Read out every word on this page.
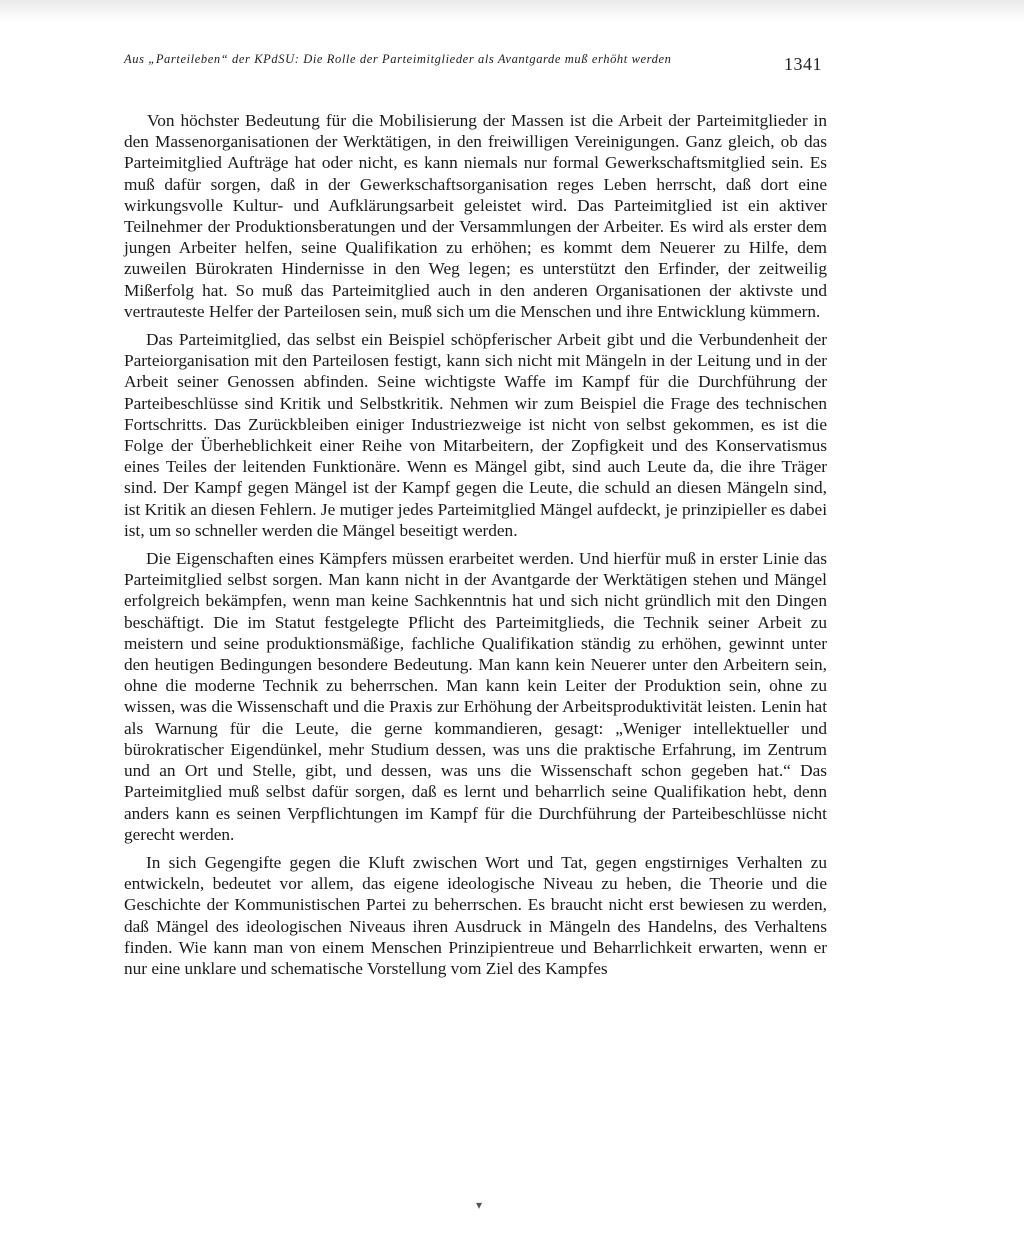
Aus „Parteileben“ der KPdSU: Die Rolle der Parteimitglieder als Avantgarde muß erhöht werden	1341

Von höchster Bedeutung für die Mobilisierung der Massen ist die Arbeit der Parteimitglieder in den Massenorganisationen der Werktätigen, in den freiwilligen Vereinigungen. Ganz gleich, ob das Parteimitglied Aufträge hat oder nicht, es kann niemals nur formal Gewerkschaftsmitglied sein. Es muß dafür sorgen, daß in der Gewerkschaftsorganisation reges Leben herrscht, daß dort eine wirkungsvolle Kultur- und Aufklärungsarbeit geleistet wird. Das Parteimitglied ist ein aktiver Teilnehmer der Produktionsberatungen und der Versammlungen der Arbeiter. Es wird als erster dem jungen Arbeiter helfen, seine Qualifikation zu erhöhen; es kommt dem Neuerer zu Hilfe, dem zuweilen Bürokraten Hindernisse in den Weg legen; es unterstützt den Erfinder, der zeitweilig Mißerfolg hat. So muß das Parteimitglied auch in den anderen Organisationen der aktivste und vertrauteste Helfer der Parteilosen sein, muß sich um die Menschen und ihre Entwicklung kümmern.

Das Parteimitglied, das selbst ein Beispiel schöpferischer Arbeit gibt und die Verbundenheit der Parteiorganisation mit den Parteilosen festigt, kann sich nicht mit Mängeln in der Leitung und in der Arbeit seiner Genossen abfinden. Seine wichtigste Waffe im Kampf für die Durchführung der Parteibeschlüsse sind Kritik und Selbstkritik. Nehmen wir zum Beispiel die Frage des technischen Fortschritts. Das Zurückbleiben einiger Industriezweige ist nicht von selbst gekommen, es ist die Folge der Überheblichkeit einer Reihe von Mitarbeitern, der Zopfigkeit und des Konservatismus eines Teiles der leitenden Funktionäre. Wenn es Mängel gibt, sind auch Leute da, die ihre Träger sind. Der Kampf gegen Mängel ist der Kampf gegen die Leute, die schuld an diesen Mängeln sind, ist Kritik an diesen Fehlern. Je mutiger jedes Parteimitglied Mängel aufdeckt, je prinzipieller es dabei ist, um so schneller werden die Mängel beseitigt werden.

Die Eigenschaften eines Kämpfers müssen erarbeitet werden. Und hierfür muß in erster Linie das Parteimitglied selbst sorgen. Man kann nicht in der Avantgarde der Werktätigen stehen und Mängel erfolgreich bekämpfen, wenn man keine Sachkenntnis hat und sich nicht gründlich mit den Dingen beschäftigt. Die im Statut festgelegte Pflicht des Parteimitglieds, die Technik seiner Arbeit zu meistern und seine produktionsmäßige, fachliche Qualifikation ständig zu erhöhen, gewinnt unter den heutigen Bedingungen besondere Bedeutung. Man kann kein Neuerer unter den Arbeitern sein, ohne die moderne Technik zu beherrschen. Man kann kein Leiter der Produktion sein, ohne zu wissen, was die Wissenschaft und die Praxis zur Erhöhung der Arbeitsproduktivität leisten. Lenin hat als Warnung für die Leute, die gerne kommandieren, gesagt: „Weniger intellektueller und bürokratischer Eigendünkel, mehr Studium dessen, was uns die praktische Erfahrung, im Zentrum und an Ort und Stelle, gibt, und dessen, was uns die Wissenschaft schon gegeben hat.“ Das Parteimitglied muß selbst dafür sorgen, daß es lernt und beharrlich seine Qualifikation hebt, denn anders kann es seinen Verpflichtungen im Kampf für die Durchführung der Parteibeschlüsse nicht gerecht werden.

In sich Gegengifte gegen die Kluft zwischen Wort und Tat, gegen engstirniges Verhalten zu entwickeln, bedeutet vor allem, das eigene ideologische Niveau zu heben, die Theorie und die Geschichte der Kommunistischen Partei zu beherrschen. Es braucht nicht erst bewiesen zu werden, daß Mängel des ideologischen Niveaus ihren Ausdruck in Mängeln des Handelns, des Verhaltens finden. Wie kann man von einem Menschen Prinzipientreue und Beharrlichkeit erwarten, wenn er nur eine unklare und schematische Vorstellung vom Ziel des Kampfes

▾
